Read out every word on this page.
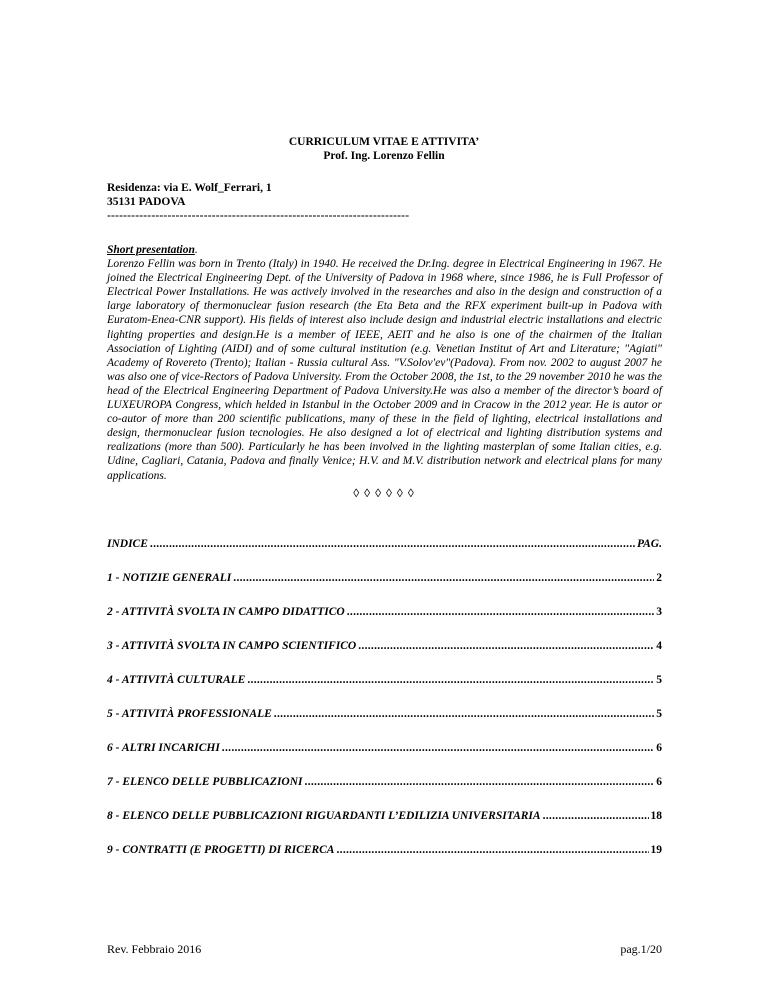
CURRICULUM VITAE E ATTIVITA’
Prof. Ing. Lorenzo Fellin
Residenza: via E. Wolf_Ferrari, 1
35131 PADOVA
---------------------------------------------------------------------------
Short presentation.
Lorenzo Fellin was born in Trento (Italy) in 1940. He received the Dr.Ing. degree in Electrical Engineering in 1967. He joined the Electrical Engineering Dept. of the University of Padova in 1968 where, since 1986, he is Full Professor of Electrical Power Installations. He was actively involved in the researches and also in the design and construction of a large laboratory of thermonuclear fusion research (the Eta Beta and the RFX experiment built-up in Padova with Euratom-Enea-CNR support). His fields of interest also include design and industrial electric installations and electric lighting properties and design.He is a member of IEEE, AEIT and he also is one of the chairmen of the Italian Association of Lighting (AIDI) and of some cultural institution (e.g. Venetian Institut of Art and Literature; "Agiati" Academy of Rovereto (Trento); Italian - Russia cultural Ass. "V.Solov'ev"(Padova). From nov. 2002 to august 2007 he was also one of vice-Rectors of Padova University. From the October 2008, the 1st, to the 29 november 2010 he was the head of the Electrical Engineering Department of Padova University.He was also a member of the director’s board of LUXEUROPA Congress, which helded in Istanbul in the October 2009 and in Cracow in the 2012 year. He is autor or co-autor of more than 200 scientific publications, many of these in the field of lighting, electrical installations and design, thermonuclear fusion tecnologies. He also designed a lot of electrical and lighting distribution systems and realizations (more than 500). Particularly he has been involved in the lighting masterplan of some Italian cities, e.g. Udine, Cagliari, Catania, Padova and finally Venice; H.V. and M.V. distribution network and electrical plans for many applications.
◊ ◊ ◊ ◊ ◊ ◊
INDICE .....	PAG.
1 - NOTIZIE GENERALI .....	2
2 - ATTIVITÀ SVOLTA IN CAMPO DIDATTICO .....	3
3 - ATTIVITÀ SVOLTA IN CAMPO SCIENTIFICO .....	4
4 - ATTIVITÀ CULTURALE .....	5
5 - ATTIVITÀ PROFESSIONALE .....	5
6 - ALTRI INCARICHI .....	6
7 - ELENCO DELLE PUBBLICAZIONI .....	6
8 - ELENCO DELLE PUBBLICAZIONI RIGUARDANTI L’EDILIZIA UNIVERSITARIA .....	18
9 - CONTRATTI (E PROGETTI) DI RICERCA .....	19
Rev. Febbraio 2016	pag.1/20
